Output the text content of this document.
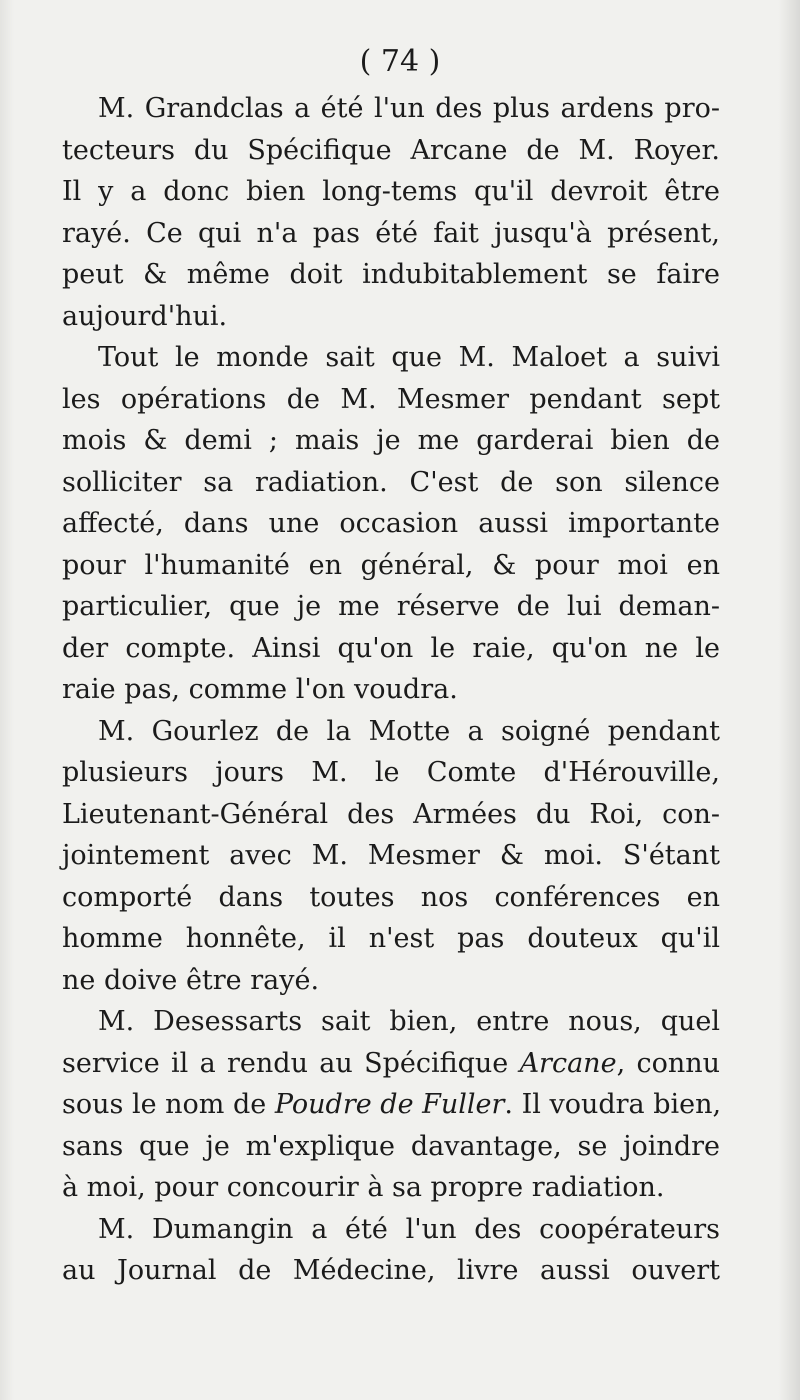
( 74 )
M. Grandclas a été l'un des plus ardens pro-
tecteurs du Spécifique Arcane de M. Royer.
Il y a donc bien long-tems qu'il devroit être
rayé. Ce qui n'a pas été fait jusqu'à présent,
peut & même doit indubitablement se faire
aujourd'hui.
Tout le monde sait que M. Maloet a suivi
les opérations de M. Mesmer pendant sept
mois & demi ; mais je me garderai bien de
solliciter sa radiation. C'est de son silence
affecté, dans une occasion aussi importante
pour l'humanité en général, & pour moi en
particulier, que je me réserve de lui deman-
der compte. Ainsi qu'on le raie, qu'on ne le
raie pas, comme l'on voudra.
M. Gourlez de la Motte a soigné pendant
plusieurs jours M. le Comte d'Hérouville,
Lieutenant-Général des Armées du Roi, con-
jointement avec M. Mesmer & moi. S'étant
comporté dans toutes nos conférences en
homme honnête, il n'est pas douteux qu'il
ne doive être rayé.
M. Desessarts sait bien, entre nous, quel
service il a rendu au Spécifique Arcane, connu
sous le nom de Poudre de Fuller. Il voudra bien,
sans que je m'explique davantage, se joindre
à moi, pour concourir à sa propre radiation.
M. Dumangin a été l'un des coopérateurs
au Journal de Médecine, livre aussi ouvert
